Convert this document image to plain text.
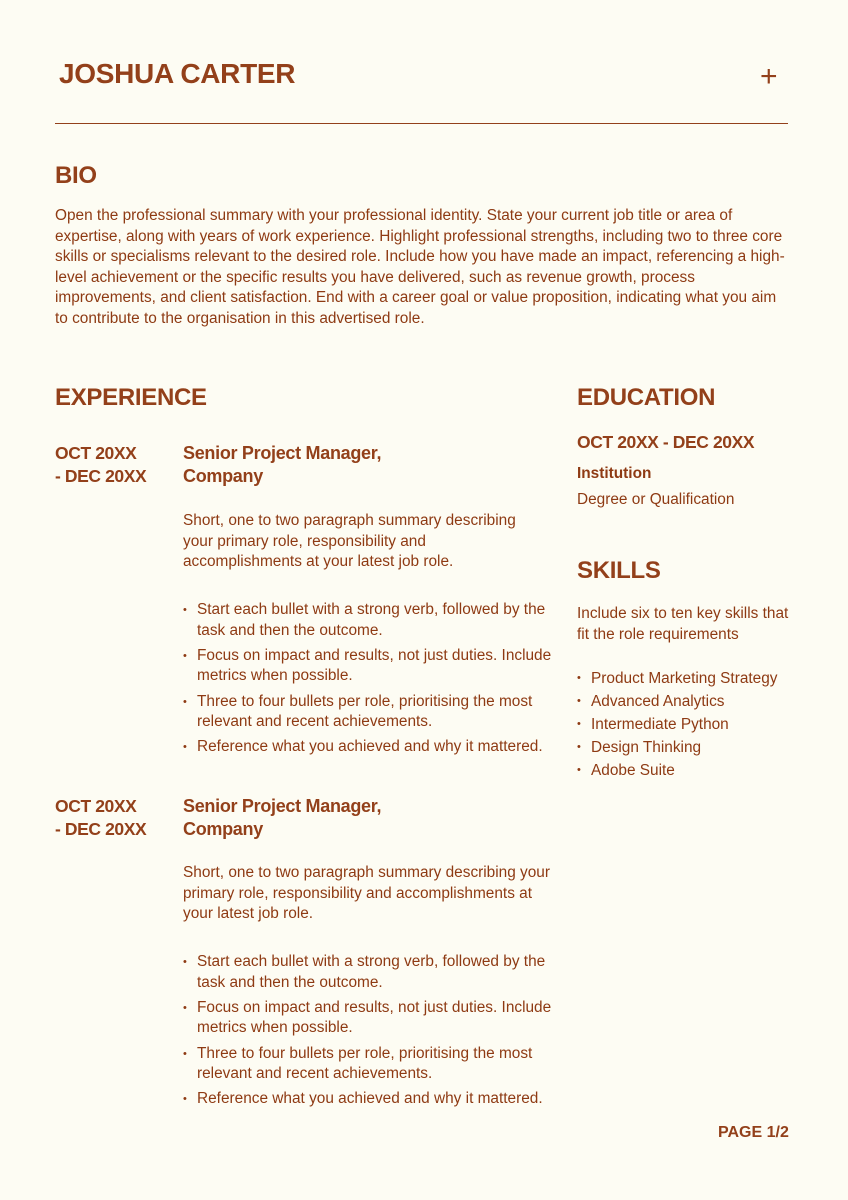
JOSHUA CARTER	+
BIO
Open the professional summary with your professional identity. State your current job title or area of expertise, along with years of work experience. Highlight professional strengths, including two to three core skills or specialisms relevant to the desired role. Include how you have made an impact, referencing a high-level achievement or the specific results you have delivered, such as revenue growth, process improvements, and client satisfaction. End with a career goal or value proposition, indicating what you aim to contribute to the organisation in this advertised role.
EXPERIENCE
OCT 20XX
- DEC 20XX
Senior Project Manager,
Company
Short, one to two paragraph summary describing your primary role, responsibility and accomplishments at your latest job role.
• Start each bullet with a strong verb, followed by the task and then the outcome.
• Focus on impact and results, not just duties. Include metrics when possible.
• Three to four bullets per role, prioritising the most relevant and recent achievements.
• Reference what you achieved and why it mattered.
OCT 20XX
- DEC 20XX
Senior Project Manager,
Company
Short, one to two paragraph summary describing your primary role, responsibility and accomplishments at your latest job role.
• Start each bullet with a strong verb, followed by the task and then the outcome.
• Focus on impact and results, not just duties. Include metrics when possible.
• Three to four bullets per role, prioritising the most relevant and recent achievements.
• Reference what you achieved and why it mattered.
EDUCATION
OCT 20XX - DEC 20XX
Institution
Degree or Qualification
SKILLS
Include six to ten key skills that fit the role requirements
• Product Marketing Strategy
• Advanced Analytics
• Intermediate Python
• Design Thinking
• Adobe Suite
PAGE 1/2
